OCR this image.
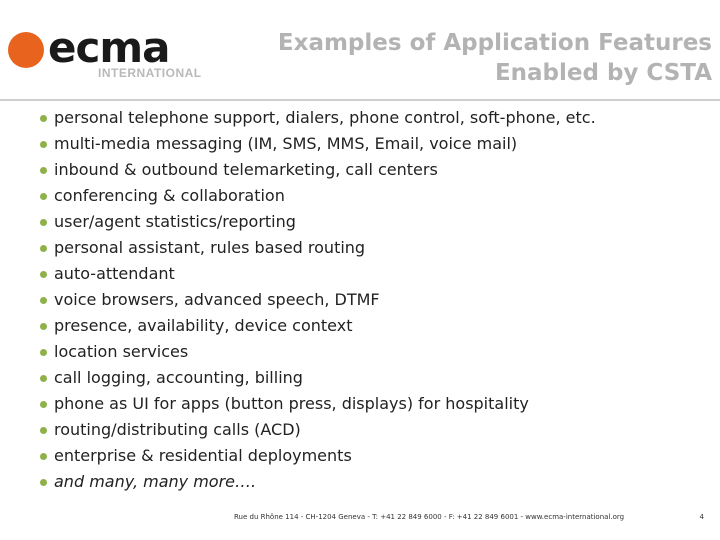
ecma
INTERNATIONAL
Examples of Application Features
Enabled by CSTA
personal telephone support, dialers, phone control, soft-phone, etc.
multi-media messaging (IM, SMS, MMS, Email, voice mail)
inbound & outbound telemarketing, call centers
conferencing & collaboration
user/agent statistics/reporting
personal assistant, rules based routing
auto-attendant
voice browsers, advanced speech, DTMF
presence, availability, device context
location services
call logging, accounting, billing
phone as UI for apps (button press, displays) for hospitality
routing/distributing calls (ACD)
enterprise & residential deployments
and many, many more….
Rue du Rhône 114 - CH-1204 Geneva - T: +41 22 849 6000 - F: +41 22 849 6001 - www.ecma-international.org	4
